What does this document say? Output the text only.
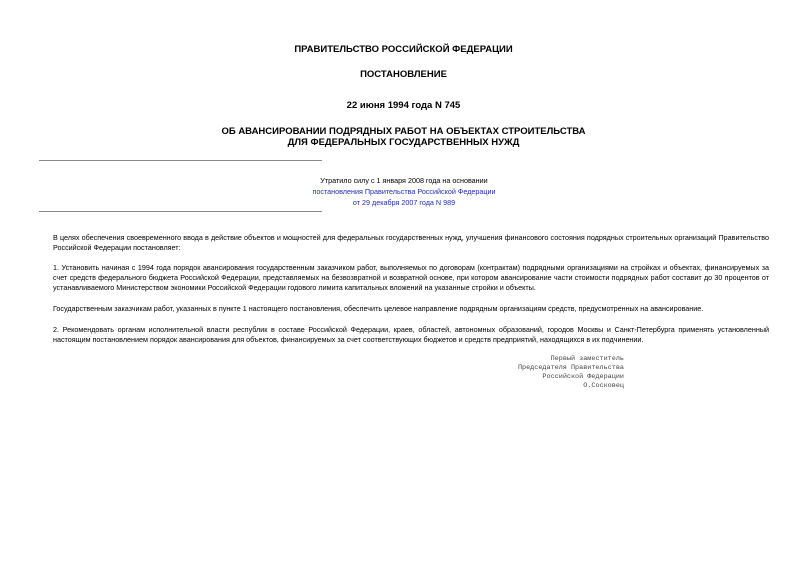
ПРАВИТЕЛЬСТВО РОССИЙСКОЙ ФЕДЕРАЦИИ
ПОСТАНОВЛЕНИЕ
22 июня 1994 года N 745
ОБ АВАНСИРОВАНИИ ПОДРЯДНЫХ РАБОТ НА ОБЪЕКТАХ СТРОИТЕЛЬСТВА
ДЛЯ ФЕДЕРАЛЬНЫХ ГОСУДАРСТВЕННЫХ НУЖД
Утратило силу с 1 января 2008 года на основании
постановления Правительства Российской Федерации
от 29 декабря 2007 года N 989
В целях обеспечения своевременного ввода в действие объектов и мощностей для федеральных государственных нужд, улучшения финансового состояния подрядных строительных организаций Правительство Российской Федерации постановляет:
1. Установить начиная с 1994 года порядок авансирования государственным заказчиком работ, выполняемых по договорам (контрактам) подрядными организациями на стройках и объектах, финансируемых за счет средств федерального бюджета Российской Федерации, представляемых на безвозвратной и возвратной основе, при котором авансирование части стоимости подрядных работ составит до 30 процентов от устанавливаемого Министерством экономики Российской Федерации годового лимита капитальных вложений на указанные стройки и объекты.
Государственным заказчикам работ, указанных в пункте 1 настоящего постановления, обеспечить целевое направление подрядным организациям средств, предусмотренных на авансирование.
2. Рекомендовать органам исполнительной власти республик в составе Российской Федерации, краев, областей, автономных образований, городов Москвы и Санкт-Петербурга применять установленный настоящим постановлением порядок авансирования для объектов, финансируемых за счет соответствующих бюджетов и средств предприятий, находящихся в их подчинении.
Первый заместитель
Председателя Правительства
Российской Федерации
О.Сосковец
